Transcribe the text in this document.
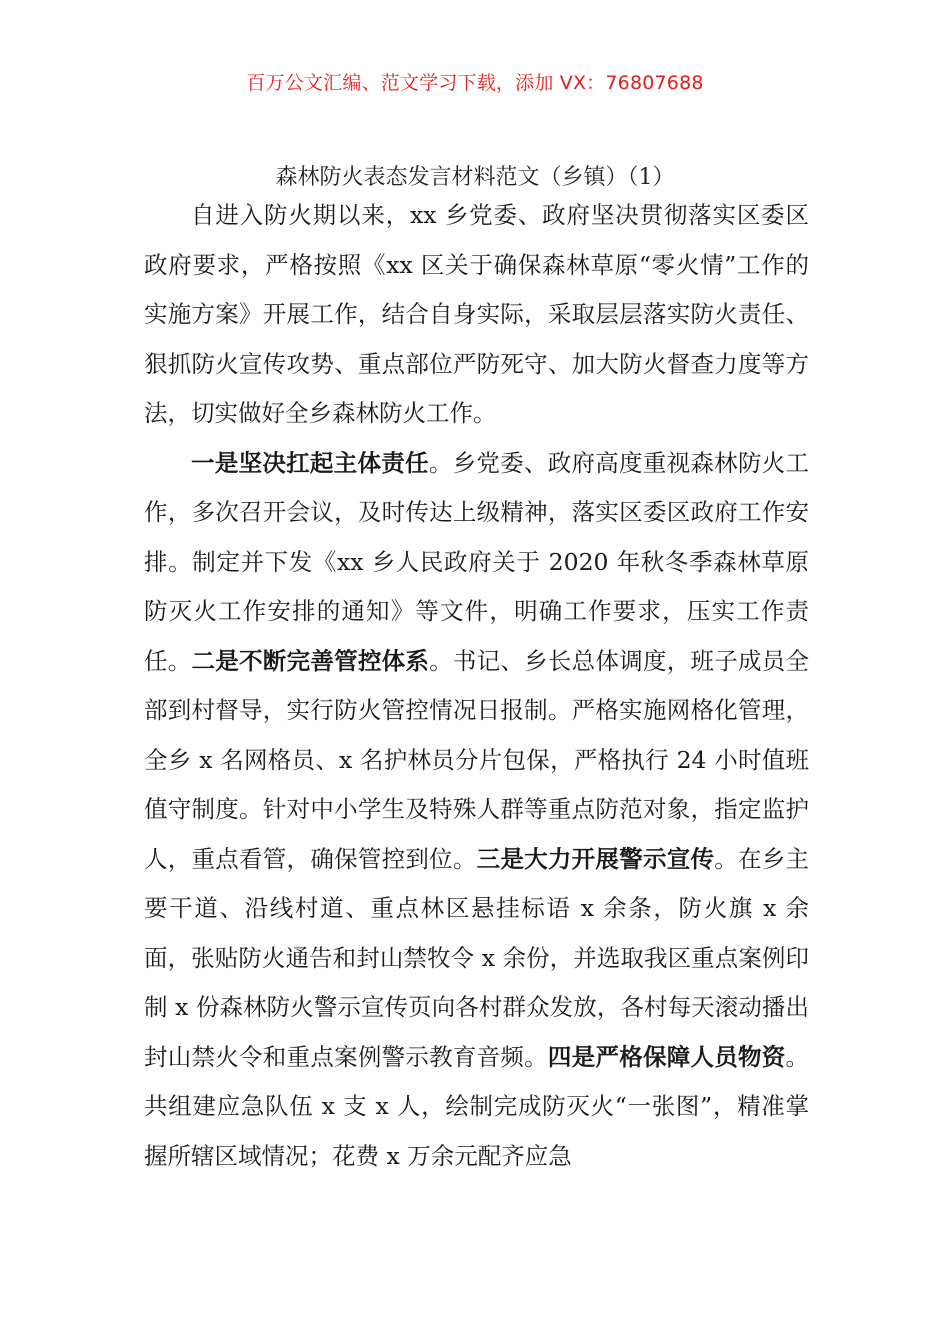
百万公文汇编、范文学习下载，添加 VX：76807688
森林防火表态发言材料范文（乡镇）（1）

自进入防火期以来，xx 乡党委、政府坚决贯彻落实区委区政府要求，严格按照《xx 区关于确保森林草原“零火情”工作的实施方案》开展工作，结合自身实际，采取层层落实防火责任、狠抓防火宣传攻势、重点部位严防死守、加大防火督查力度等方法，切实做好全乡森林防火工作。

一是坚决扛起主体责任。乡党委、政府高度重视森林防火工作，多次召开会议，及时传达上级精神，落实区委区政府工作安排。制定并下发《xx 乡人民政府关于 2020 年秋冬季森林草原防灭火工作安排的通知》等文件，明确工作要求，压实工作责任。二是不断完善管控体系。书记、乡长总体调度，班子成员全部到村督导，实行防火管控情况日报制。严格实施网格化管理，全乡 x 名网格员、x 名护林员分片包保，严格执行 24 小时值班值守制度。针对中小学生及特殊人群等重点防范对象，指定监护人，重点看管，确保管控到位。三是大力开展警示宣传。在乡主要干道、沿线村道、重点林区悬挂标语 x 余条，防火旗 x 余面，张贴防火通告和封山禁牧令 x 余份，并选取我区重点案例印制 x 份森林防火警示宣传页向各村群众发放，各村每天滚动播出封山禁火令和重点案例警示教育音频。四是严格保障人员物资。共组建应急队伍 x 支 x 人，绘制完成防灭火“一张图”，精准掌握所辖区域情况；花费 x 万余元配齐应急
